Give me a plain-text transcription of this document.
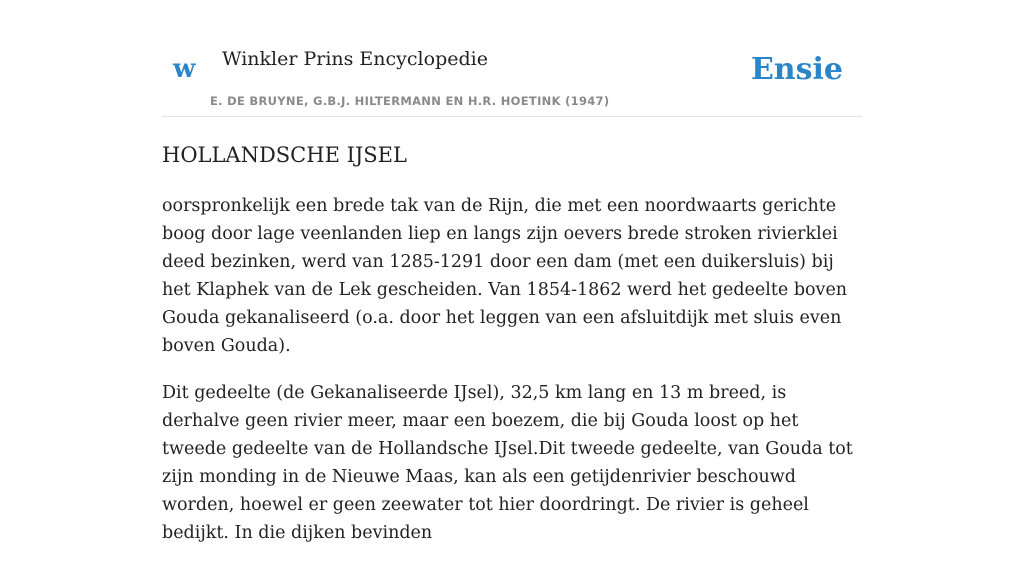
w Winkler Prins Encyclopedie
E. DE BRUYNE, G.B.J. HILTERMANN EN H.R. HOETINK (1947)
Ensie
HOLLANDSCHE IJSEL

oorspronkelijk een brede tak van de Rijn, die met een noordwaarts gerichte boog door lage veenlanden liep en langs zijn oevers brede stroken rivierklei deed bezinken, werd van 1285-1291 door een dam (met een duikersluis) bij het Klaphek van de Lek gescheiden. Van 1854-1862 werd het gedeelte boven Gouda gekanaliseerd (o.a. door het leggen van een afsluitdijk met sluis even boven Gouda).

Dit gedeelte (de Gekanaliseerde IJsel), 32,5 km lang en 13 m breed, is derhalve geen rivier meer, maar een boezem, die bij Gouda loost op het tweede gedeelte van de Hollandsche IJsel.Dit tweede gedeelte, van Gouda tot zijn monding in de Nieuwe Maas, kan als een getijdenrivier beschouwd worden, hoewel er geen zeewater tot hier doordringt. De rivier is geheel bedijkt. In die dijken bevinden
